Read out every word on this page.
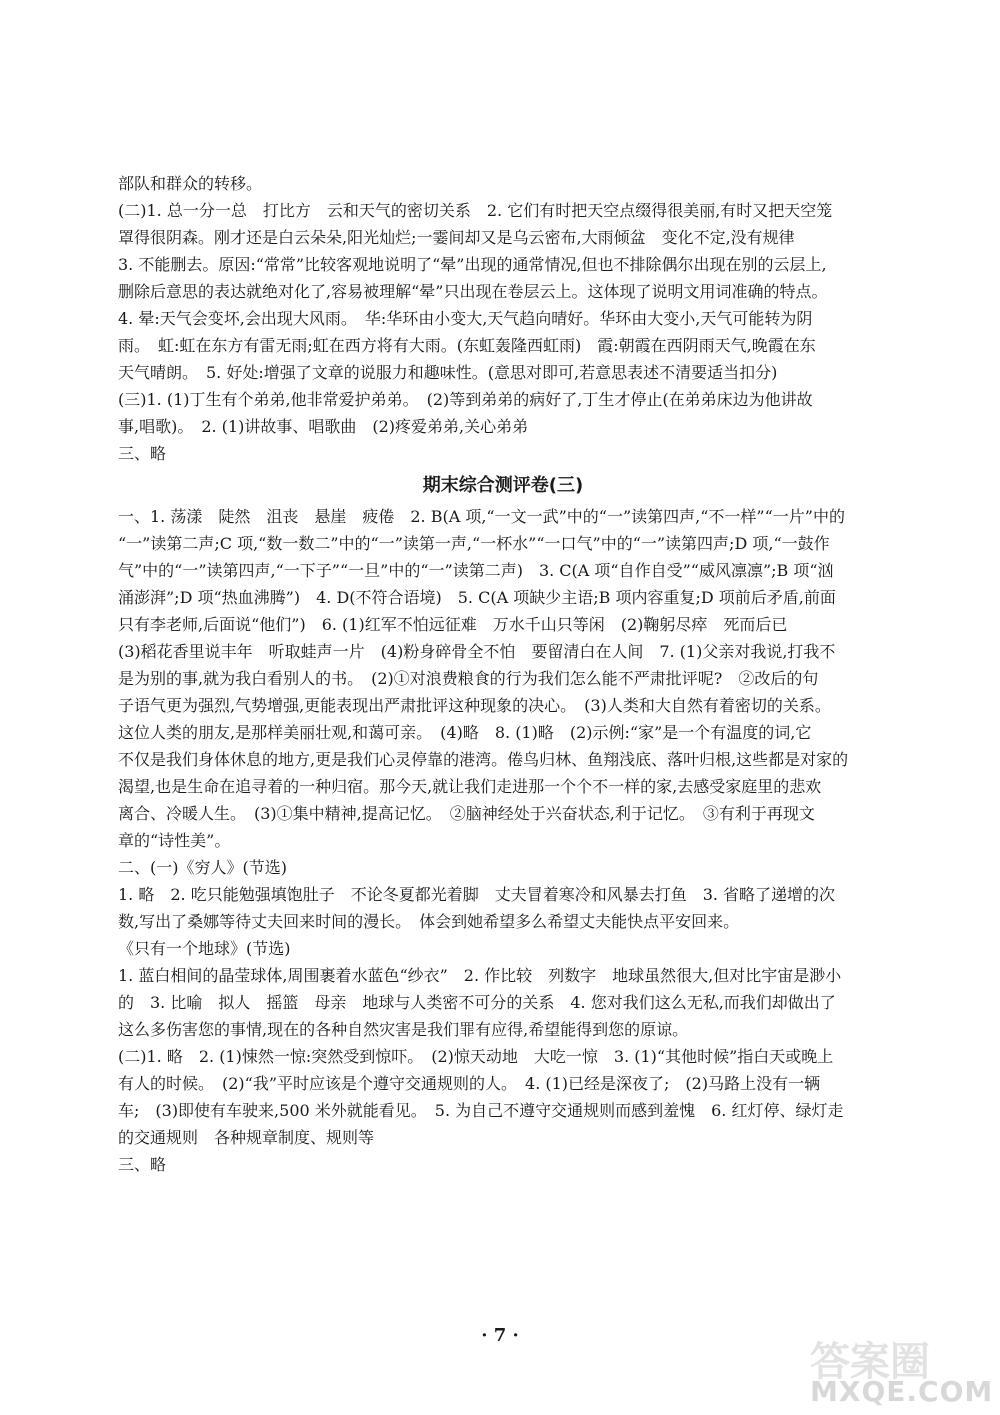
部队和群众的转移。
(二)1. 总一分一总　打比方　云和天气的密切关系　2. 它们有时把天空点缀得很美丽,有时又把天空笼
罩得很阴森。刚才还是白云朵朵,阳光灿烂;一霎间却又是乌云密布,大雨倾盆　变化不定,没有规律
3. 不能删去。原因:“常常”比较客观地说明了“晕”出现的通常情况,但也不排除偶尔出现在别的云层上,
删除后意思的表达就绝对化了,容易被理解“晕”只出现在卷层云上。这体现了说明文用词准确的特点。
4. 晕:天气会变坏,会出现大风雨。　华:华环由小变大,天气趋向晴好。华环由大变小,天气可能转为阴
雨。　虹:虹在东方有雷无雨;虹在西方将有大雨。(东虹轰隆西虹雨)　霞:朝霞在西阴雨天气,晚霞在东
天气晴朗。　5. 好处:增强了文章的说服力和趣味性。(意思对即可,若意思表述不清要适当扣分)
(三)1. (1)丁生有个弟弟,他非常爱护弟弟。　(2)等到弟弟的病好了,丁生才停止(在弟弟床边为他讲故
事,唱歌)。　2. (1)讲故事、唱歌曲　(2)疼爱弟弟,关心弟弟
三、略
期末综合测评卷(三)
一、1. 荡漾　陡然　沮丧　悬崖　疲倦　2. B(A 项,“一文一武”中的“一”读第四声,“不一样”“一片”中的
“一”读第二声;C 项,“数一数二”中的“一”读第一声,“一杯水”“一口气”中的“一”读第四声;D 项,“一鼓作
气”中的“一”读第四声,“一下子”“一旦”中的“一”读第二声)　3. C(A 项“自作自受”“威风凛凛”;B 项“汹
涌澎湃”;D 项“热血沸腾”)　4. D(不符合语境)　5. C(A 项缺少主语;B 项内容重复;D 项前后矛盾,前面
只有李老师,后面说“他们”)　6. (1)红军不怕远征难　万水千山只等闲　(2)鞠躬尽瘁　死而后已
(3)稻花香里说丰年　听取蛙声一片　(4)粉身碎骨全不怕　要留清白在人间　7. (1)父亲对我说,打我不
是为别的事,就为我白看别人的书。　(2)①对浪费粮食的行为我们怎么能不严肃批评呢?　②改后的句
子语气更为强烈,气势增强,更能表现出严肃批评这种现象的决心。　(3)人类和大自然有着密切的关系。
这位人类的朋友,是那样美丽壮观,和蔼可亲。　(4)略　8. (1)略　(2)示例:“家”是一个有温度的词,它
不仅是我们身体休息的地方,更是我们心灵停靠的港湾。倦鸟归林、鱼翔浅底、落叶归根,这些都是对家的
渴望,也是生命在追寻着的一种归宿。那今天,就让我们走进那一个个不一样的家,去感受家庭里的悲欢
离合、冷暖人生。　(3)①集中精神,提高记忆。　②脑神经处于兴奋状态,利于记忆。　③有利于再现文
章的“诗性美”。
二、(一)《穷人》(节选)
1. 略　2. 吃只能勉强填饱肚子　不论冬夏都光着脚　丈夫冒着寒冷和风暴去打鱼　3. 省略了递增的次
数,写出了桑娜等待丈夫回来时间的漫长。　体会到她希望多么希望丈夫能快点平安回来。
《只有一个地球》(节选)
1. 蓝白相间的晶莹球体,周围裹着水蓝色“纱衣”　2. 作比较　列数字　地球虽然很大,但对比宇宙是渺小
的　3. 比喻　拟人　摇篮　母亲　地球与人类密不可分的关系　4. 您对我们这么无私,而我们却做出了
这么多伤害您的事情,现在的各种自然灾害是我们罪有应得,希望能得到您的原谅。
(二)1. 略　2. (1)悚然一惊:突然受到惊吓。　(2)惊天动地　大吃一惊　3. (1)“其他时候”指白天或晚上
有人的时候。　(2)“我”平时应该是个遵守交通规则的人。　4. (1)已经是深夜了;　(2)马路上没有一辆
车;　(3)即使有车驶来,500 米外就能看见。　5. 为自己不遵守交通规则而感到羞愧　6. 红灯停、绿灯走
的交通规则　各种规章制度、规则等
三、略
· 7 ·
答案圈
MXQE.COM
